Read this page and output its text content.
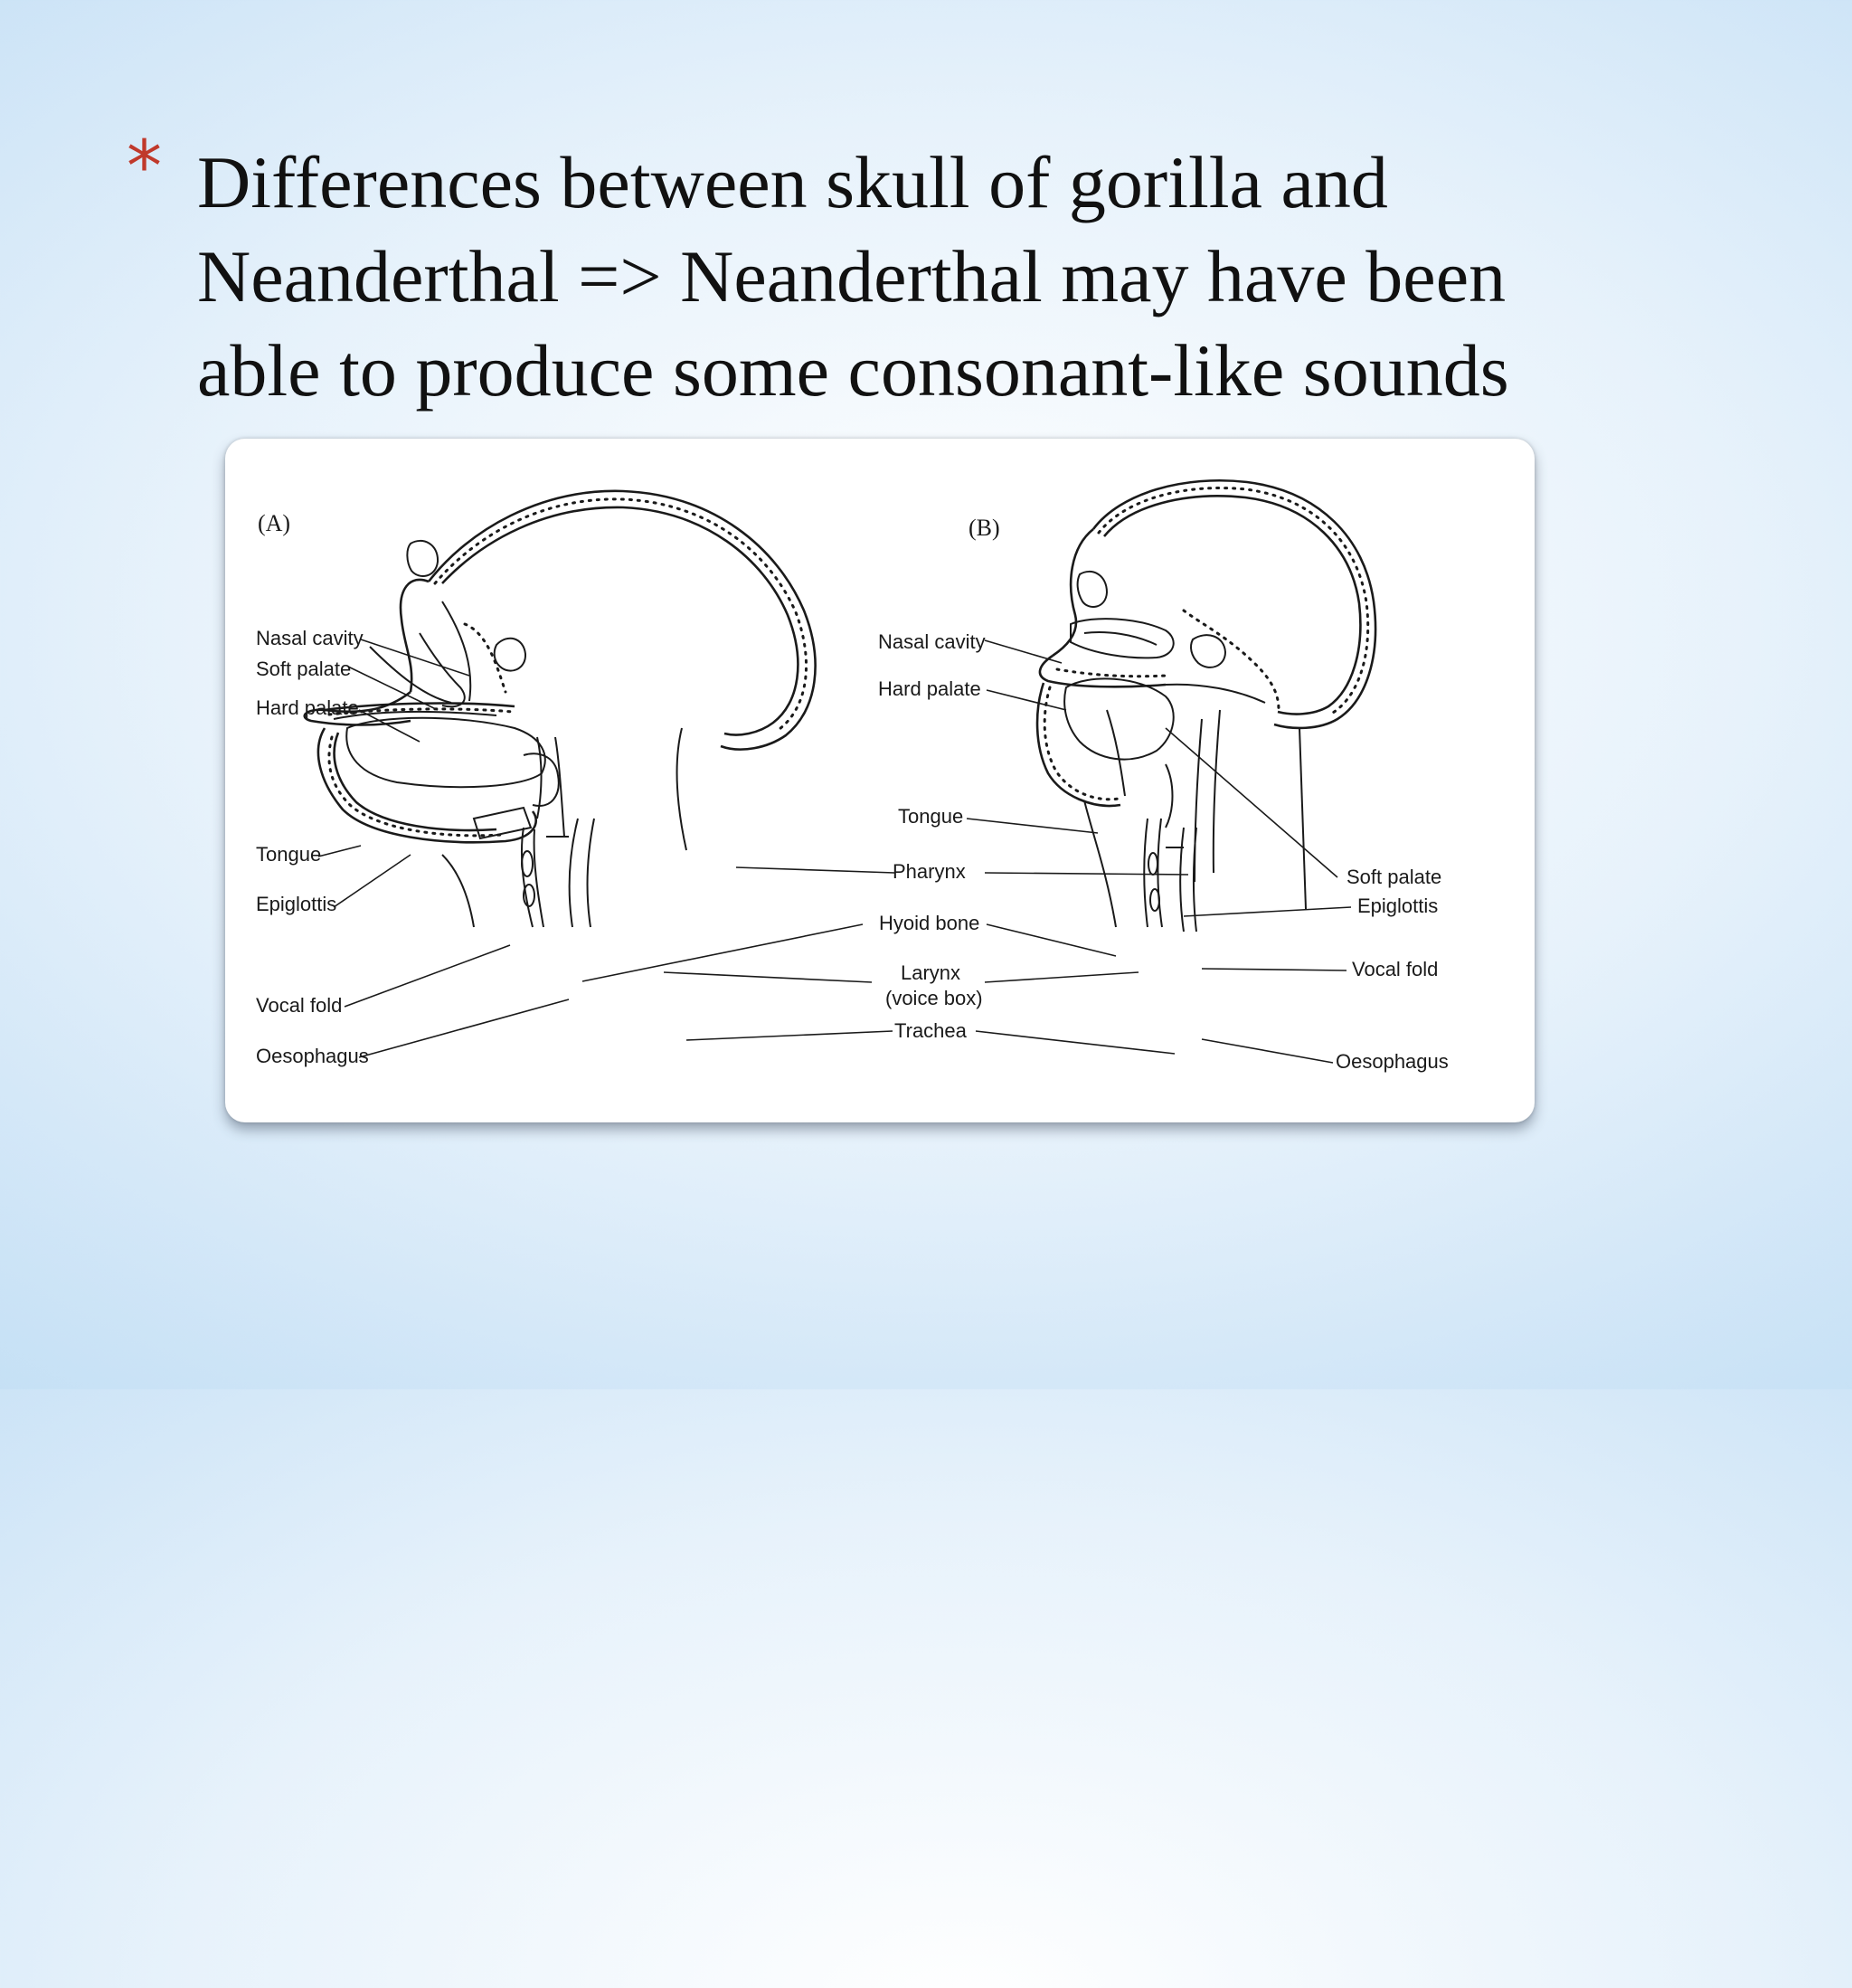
* Differences between skull of gorilla and
Neanderthal => Neanderthal may have been
able to produce some consonant-like sounds
(A)	(B)
Nasal cavity
Soft palate
Hard palate
Tongue
Epiglottis
Vocal fold
Oesophagus
Tongue
Pharynx
Hyoid bone
Larynx
(voice box)
Trachea
Nasal cavity
Hard palate
Soft palate
Epiglottis
Vocal fold
Oesophagus
(A)	(B)
Nasal cavity
Soft palate
Hard palate
Tongue
Epiglottis
Vocal fold
Oesophagus
Tongue
Pharynx
Hyoid bone
Larynx
(voice box)
Trachea
Nasal cavity
Hard palate
Soft palate
Epiglottis
Vocal fold
Oesophagus
